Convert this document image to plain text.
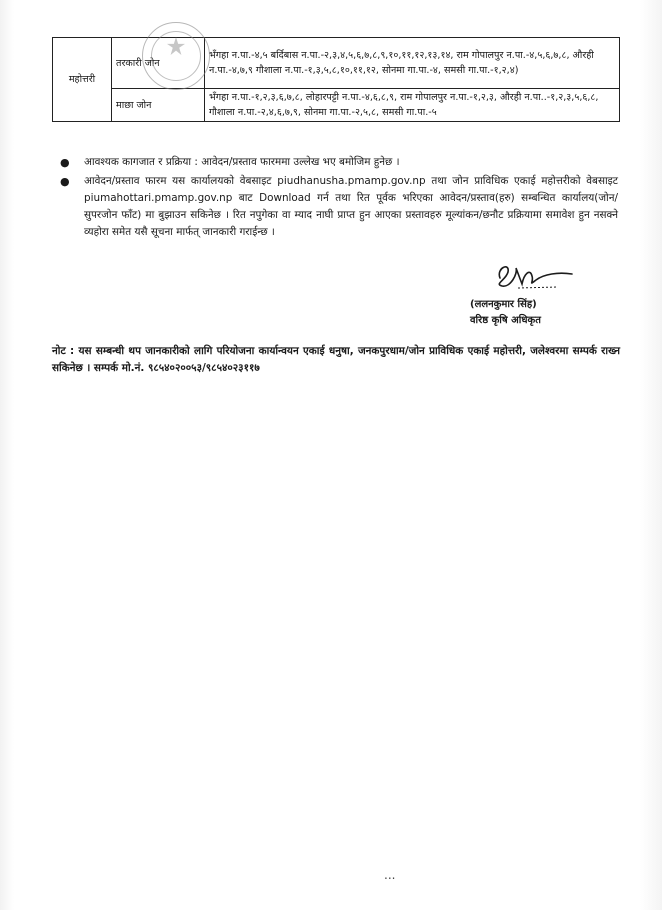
महोत्तरी	तरकारी जोन	भँगहा न.पा.-४,५ बर्दिबास न.पा.-२,३,४,५,६,७,८,९,१०,११,१२,१३,१४, राम गोपालपुर न.पा.-४,५,६,७,८, औरही न.पा.-४,७,९ गौशाला न.पा.-१,३,५,८,१०,११,१२, सोनमा गा.पा.-४, समसी गा.पा.-१,२,४)
	माछा जोन	भँगहा न.पा.-१,२,३,६,७,८, लोहारपट्टी न.पा.-४,६,८,९, राम गोपालपुर न.पा.-१,२,३, औरही न.पा..-१,२,३,५,६,८, गौशाला न.पा.-२,४,६,७,९, सोनमा गा.पा.-२,५,८, समसी गा.पा.-५
● आवश्यक कागजात र प्रक्रिया : आवेदन/प्रस्ताव फारममा उल्लेख भए बमोजिम हुनेछ ।
● आवेदन/प्रस्ताव फारम यस कार्यालयको वेबसाइट piudhanusha.pmamp.gov.np तथा जोन प्राविधिक एकाई महोत्तरीको वेबसाइट piumahottari.pmamp.gov.np बाट Download गर्न तथा रित पूर्वक भरिएका आवेदन/प्रस्ताव(हरु) सम्बन्धित कार्यालय(जोन/सुपरजोन फाँट) मा बुझाउन सकिनेछ । रित नपुगेका वा म्याद नाघी प्राप्त हुन आएका प्रस्तावहरु मूल्यांकन/छनौट प्रक्रियामा समावेश हुन नसक्ने व्यहोरा समेत यसै सूचना मार्फत् जानकारी गराईन्छ ।
(ललनकुमार सिंह)
वरिष्ठ कृषि अधिकृत
नोट : यस सम्बन्धी थप जानकारीको लागि परियोजना कार्यान्वयन एकाई धनुषा, जनकपुरधाम/जोन प्राविधिक एकाई महोत्तरी, जलेश्वरमा सम्पर्क राख्न सकिनेछ । सम्पर्क मो.नं. ९८५४०२००५३/९८५४०२३११७
...
